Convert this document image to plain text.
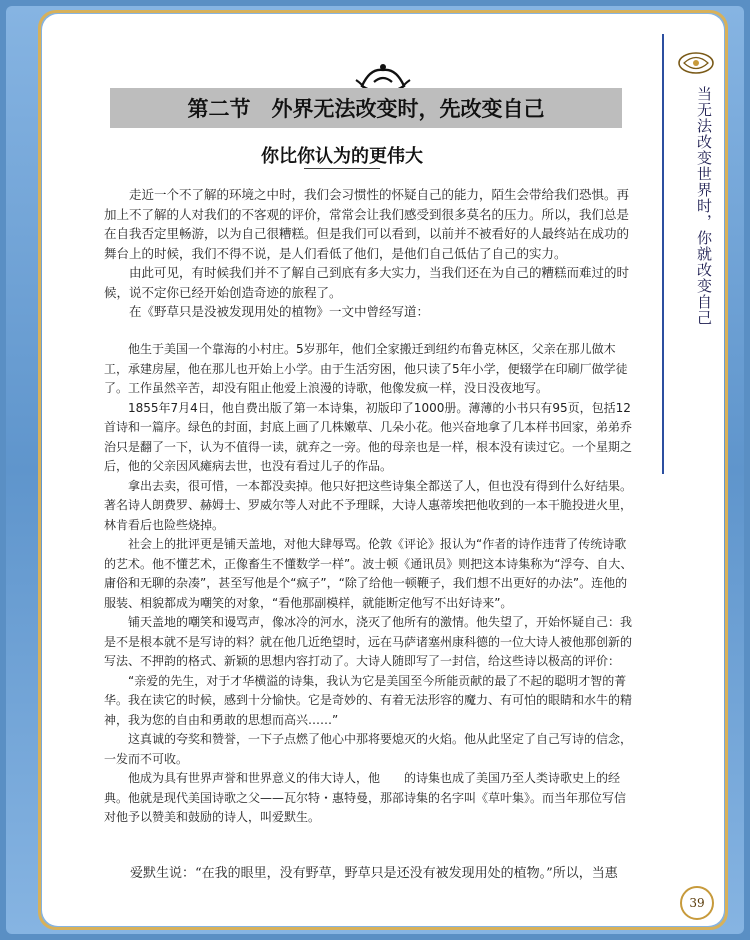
第二节　外界无法改变时，先改变自己
你比你认为的更伟大

走近一个不了解的环境之中时，我们会习惯性的怀疑自己的能力，陌生会带给我们恐惧。再加上不了解的人对我们的不客观的评价，常常会让我们感受到很多莫名的压力。所以，我们总是在自我否定里畅游，以为自己很糟糕。但是我们可以看到，以前并不被看好的人最终站在成功的舞台上的时候，我们不得不说，是人们看低了他们，是他们自己低估了自己的实力。

由此可见，有时候我们并不了解自己到底有多大实力，当我们还在为自己的糟糕而难过的时候，说不定你已经开始创造奇迹的旅程了。

在《野草只是没被发现用处的植物》一文中曾经写道：

他生于美国一个靠海的小村庄。5岁那年，他们全家搬迁到纽约布鲁克林区，父亲在那儿做木工，承建房屋，他在那儿也开始上小学。由于生活穷困，他只读了5年小学，便辍学在印刷厂做学徒了。工作虽然辛苦，却没有阻止他爱上浪漫的诗歌，他像发疯一样，没日没夜地写。

1855年7月4日，他自费出版了第一本诗集，初版印了1000册。薄薄的小书只有95页，包括12首诗和一篇序。绿色的封面，封底上画了几株嫩草、几朵小花。他兴奋地拿了几本样书回家，弟弟乔治只是翻了一下，认为不值得一读，就弃之一旁。他的母亲也是一样，根本没有读过它。一个星期之后，他的父亲因风瘫病去世，也没有看过儿子的作品。

拿出去卖，很可惜，一本都没卖掉。他只好把这些诗集全都送了人，但也没有得到什么好结果。著名诗人朗费罗、赫姆士、罗威尔等人对此不予理睬，大诗人惠蒂埃把他收到的一本干脆投进火里，林肯看后也险些烧掉。

社会上的批评更是铺天盖地，对他大肆辱骂。伦敦《评论》报认为“作者的诗作违背了传统诗歌的艺术。他不懂艺术，正像畜生不懂数学一样”。波士顿《通讯员》则把这本诗集称为“浮夸、自大、庸俗和无聊的杂凑”，甚至写他是个“疯子”，“除了给他一顿鞭子，我们想不出更好的办法”。连他的服装、相貌都成为嘲笑的对象，“看他那副模样，就能断定他写不出好诗来”。

铺天盖地的嘲笑和谩骂声，像冰冷的河水，浇灭了他所有的激情。他失望了，开始怀疑自己：我是不是根本就不是写诗的料？就在他几近绝望时，远在马萨诸塞州康科德的一位大诗人被他那创新的写法、不押韵的格式、新颖的思想内容打动了。大诗人随即写了一封信，给这些诗以极高的评价：

“亲爱的先生，对于才华横溢的诗集，我认为它是美国至今所能贡献的最了不起的聪明才智的菁华。我在读它的时候，感到十分愉快。它是奇妙的、有着无法形容的魔力、有可怕的眼睛和水牛的精神，我为您的自由和勇敢的思想而高兴……”

这真诚的夸奖和赞誉，一下子点燃了他心中那将要熄灭的火焰。他从此坚定了自己写诗的信念，一发而不可收。

他成为具有世界声誉和世界意义的伟大诗人，他　　的诗集也成了美国乃至人类诗歌史上的经典。他就是现代美国诗歌之父——瓦尔特・惠特曼，那部诗集的名字叫《草叶集》。而当年那位写信对他予以赞美和鼓励的诗人，叫爱默生。

爱默生说：“在我的眼里，没有野草，野草只是还没有被发现用处的植物。”所以，当惠

当无法改变世界时，你就改变自己
39
